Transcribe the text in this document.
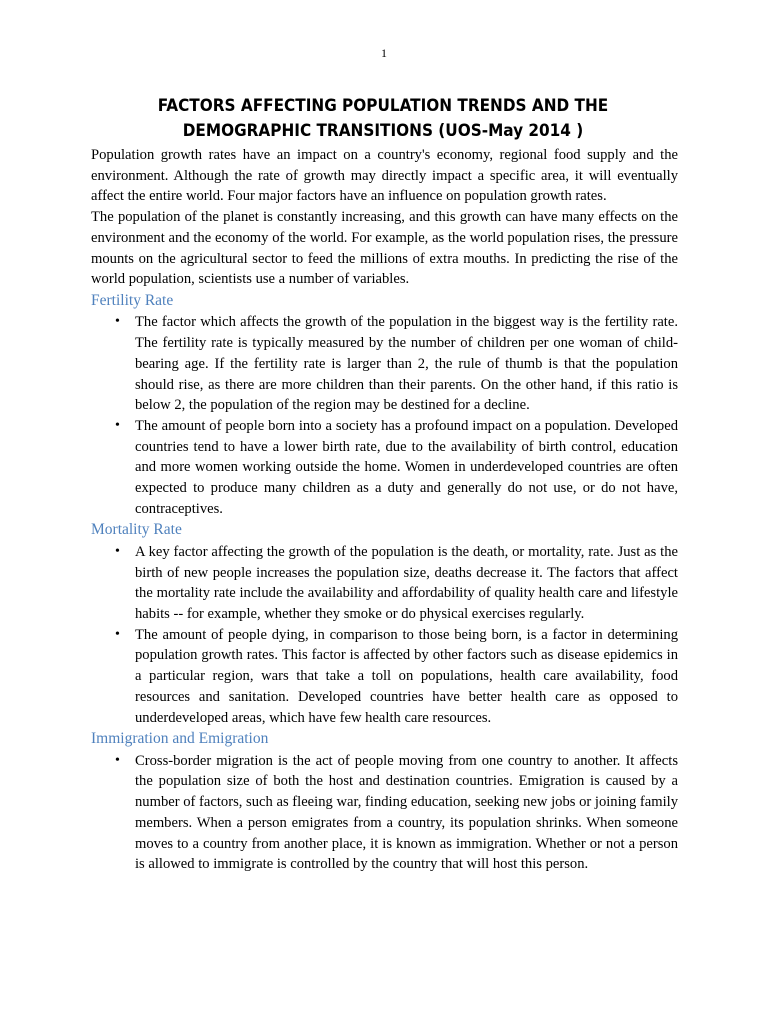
1
FACTORS AFFECTING POPULATION TRENDS AND THE
DEMOGRAPHIC TRANSITIONS (UOS-May 2014 )

Population growth rates have an impact on a country's economy, regional food supply and the environment. Although the rate of growth may directly impact a specific area, it will eventually affect the entire world. Four major factors have an influence on population growth rates.

The population of the planet is constantly increasing, and this growth can have many effects on the environment and the economy of the world. For example, as the world population rises, the pressure mounts on the agricultural sector to feed the millions of extra mouths. In predicting the rise of the world population, scientists use a number of variables.

Fertility Rate
• The factor which affects the growth of the population in the biggest way is the fertility rate. The fertility rate is typically measured by the number of children per one woman of child-bearing age. If the fertility rate is larger than 2, the rule of thumb is that the population should rise, as there are more children than their parents. On the other hand, if this ratio is below 2, the population of the region may be destined for a decline.
• The amount of people born into a society has a profound impact on a population. Developed countries tend to have a lower birth rate, due to the availability of birth control, education and more women working outside the home. Women in underdeveloped countries are often expected to produce many children as a duty and generally do not use, or do not have, contraceptives.
Mortality Rate
• A key factor affecting the growth of the population is the death, or mortality, rate. Just as the birth of new people increases the population size, deaths decrease it. The factors that affect the mortality rate include the availability and affordability of quality health care and lifestyle habits -- for example, whether they smoke or do physical exercises regularly.
• The amount of people dying, in comparison to those being born, is a factor in determining population growth rates. This factor is affected by other factors such as disease epidemics in a particular region, wars that take a toll on populations, health care availability, food resources and sanitation. Developed countries have better health care as opposed to underdeveloped areas, which have few health care resources.
Immigration and Emigration
• Cross-border migration is the act of people moving from one country to another. It affects the population size of both the host and destination countries. Emigration is caused by a number of factors, such as fleeing war, finding education, seeking new jobs or joining family members. When a person emigrates from a country, its population shrinks. When someone moves to a country from another place, it is known as immigration. Whether or not a person is allowed to immigrate is controlled by the country that will host this person.
